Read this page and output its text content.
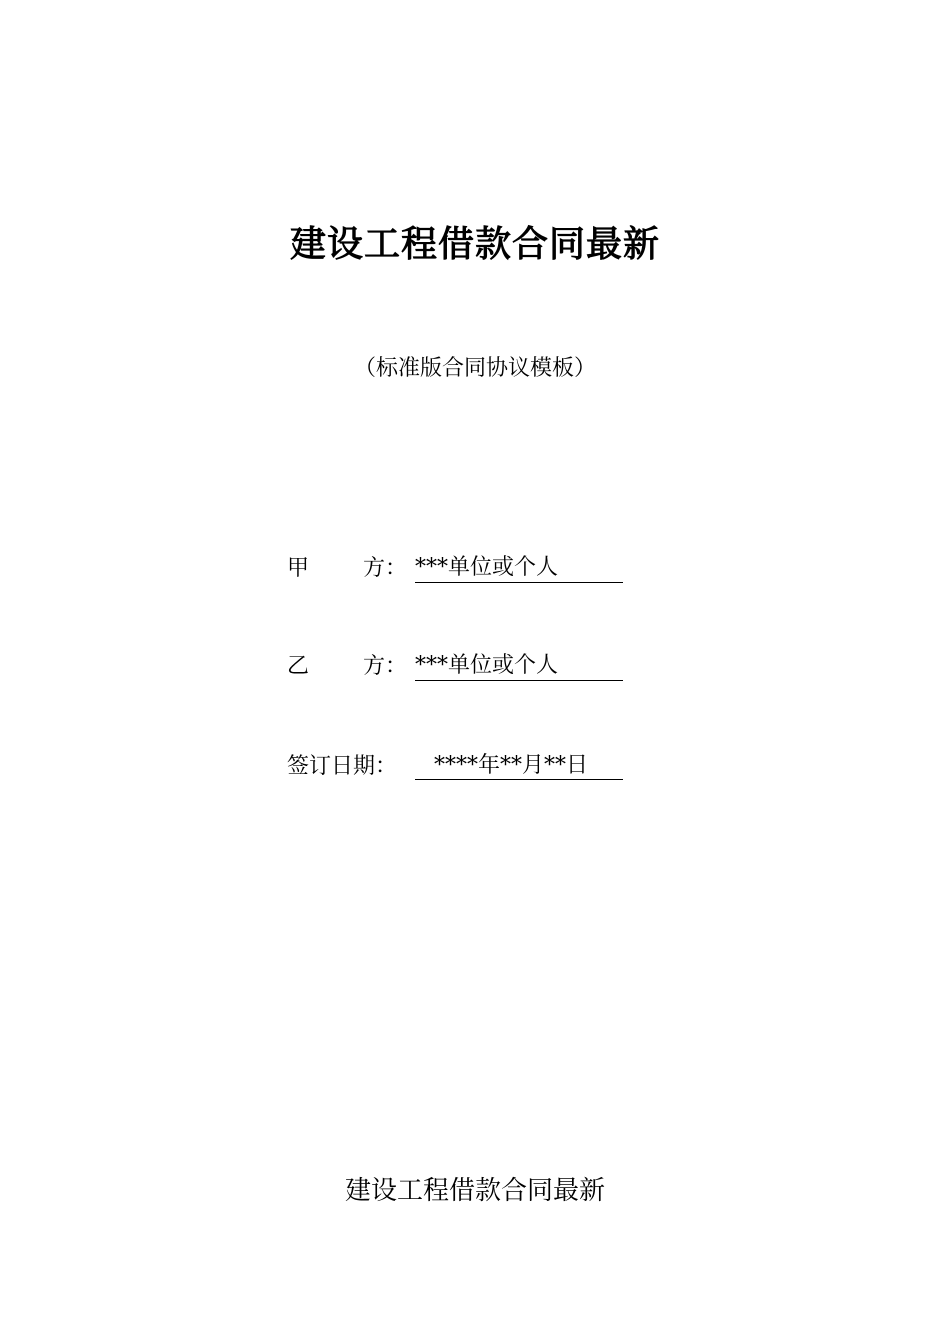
建设工程借款合同最新
（标准版合同协议模板）
甲 方： ***单位或个人
乙 方： ***单位或个人
签订日期：	****年**月**日
建设工程借款合同最新
